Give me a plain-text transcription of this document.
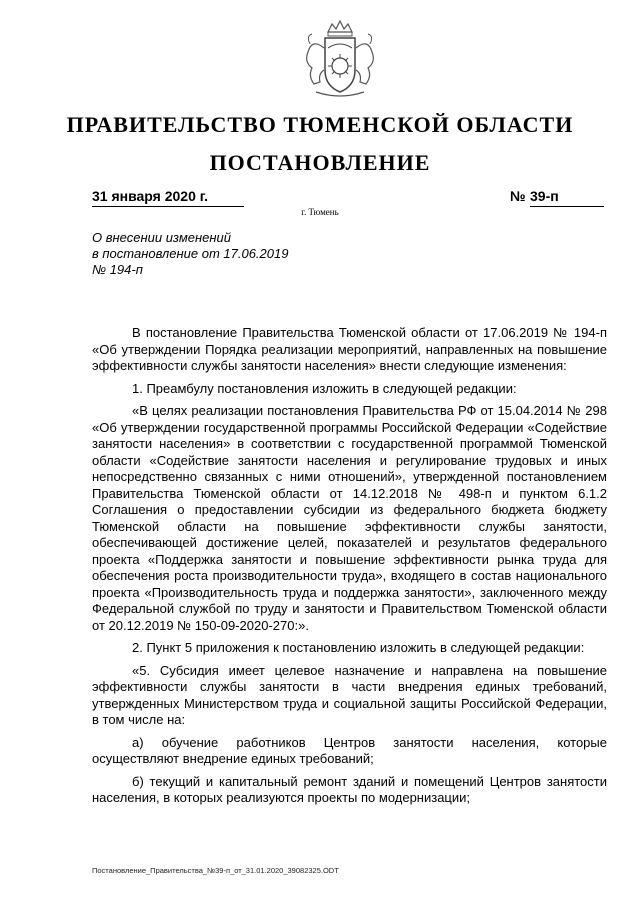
ПРАВИТЕЛЬСТВО ТЮМЕНСКОЙ ОБЛАСТИ
ПОСТАНОВЛЕНИЕ
31 января 2020 г.	№ 39-п
г. Тюмень
О внесении изменений
в постановление от 17.06.2019
№ 194-п

В постановление Правительства Тюменской области от 17.06.2019 № 194-п «Об утверждении Порядка реализации мероприятий, направленных на повышение эффективности службы занятости населения» внести следующие изменения:

1. Преамбулу постановления изложить в следующей редакции:

«В целях реализации постановления Правительства РФ от 15.04.2014 № 298 «Об утверждении государственной программы Российской Федерации «Содействие занятости населения» в соответствии с государственной программой Тюменской области «Содействие занятости населения и регулирование трудовых и иных непосредственно связанных с ними отношений», утвержденной постановлением Правительства Тюменской области от 14.12.2018 № 498-п и пунктом 6.1.2 Соглашения о предоставлении субсидии из федерального бюджета бюджету Тюменской области на повышение эффективности службы занятости, обеспечивающей достижение целей, показателей и результатов федерального проекта «Поддержка занятости и повышение эффективности рынка труда для обеспечения роста производительности труда», входящего в состав национального проекта «Производительность труда и поддержка занятости», заключенного между Федеральной службой по труду и занятости и Правительством Тюменской области от 20.12.2019 № 150-09-2020-270:».

2. Пункт 5 приложения к постановлению изложить в следующей редакции:

«5. Субсидия имеет целевое назначение и направлена на повышение эффективности службы занятости в части внедрения единых требований, утвержденных Министерством труда и социальной защиты Российской Федерации, в том числе на:

а) обучение работников Центров занятости населения, которые осуществляют внедрение единых требований;

б) текущий и капитальный ремонт зданий и помещений Центров занятости населения, в которых реализуются проекты по модернизации;

Постановление_Правительства_№39-п_от_31.01.2020_39082325.ODT
